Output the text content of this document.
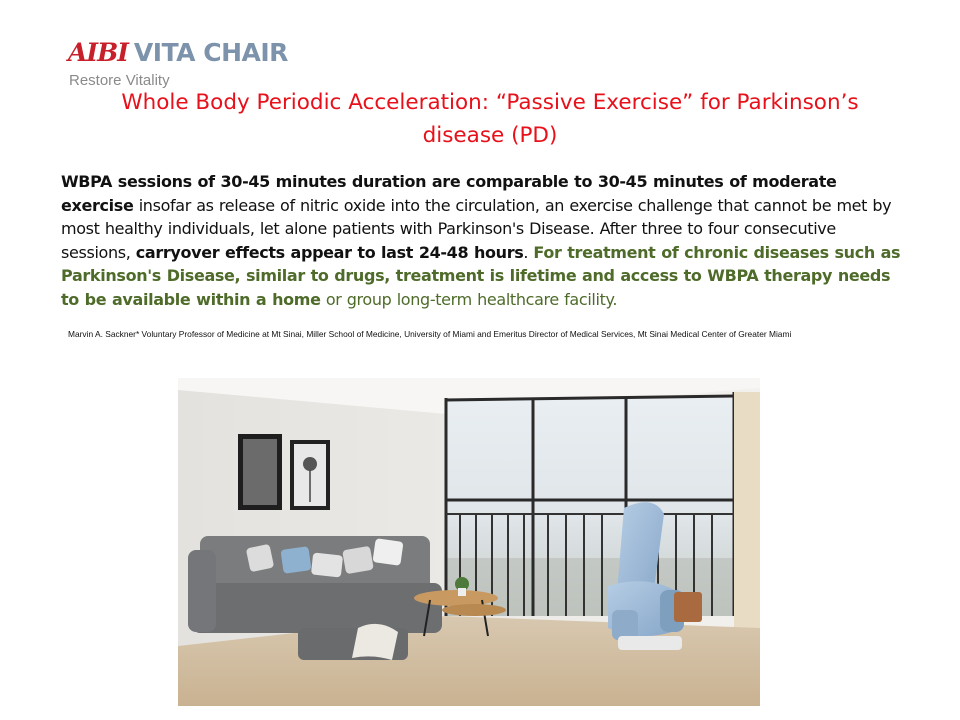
AIBI VITA CHAIR
Restore Vitality
Whole Body Periodic Acceleration: “Passive Exercise” for Parkinson’s
disease (PD)
WBPA sessions of 30-45 minutes duration are comparable to 30-45 minutes of moderate exercise insofar as release of nitric oxide into the circulation, an exercise challenge that cannot be met by most healthy individuals, let alone patients with Parkinson's Disease. After three to four consecutive sessions, carryover effects appear to last 24-48 hours. For treatment of chronic diseases such as Parkinson's Disease, similar to drugs, treatment is lifetime and access to WBPA therapy needs to be available within a home or group long-term healthcare facility.
Marvin A. Sackner* Voluntary Professor of Medicine at Mt Sinai, Miller School of Medicine, University of Miami and Emeritus Director of Medical Services, Mt Sinai Medical Center of Greater Miami
